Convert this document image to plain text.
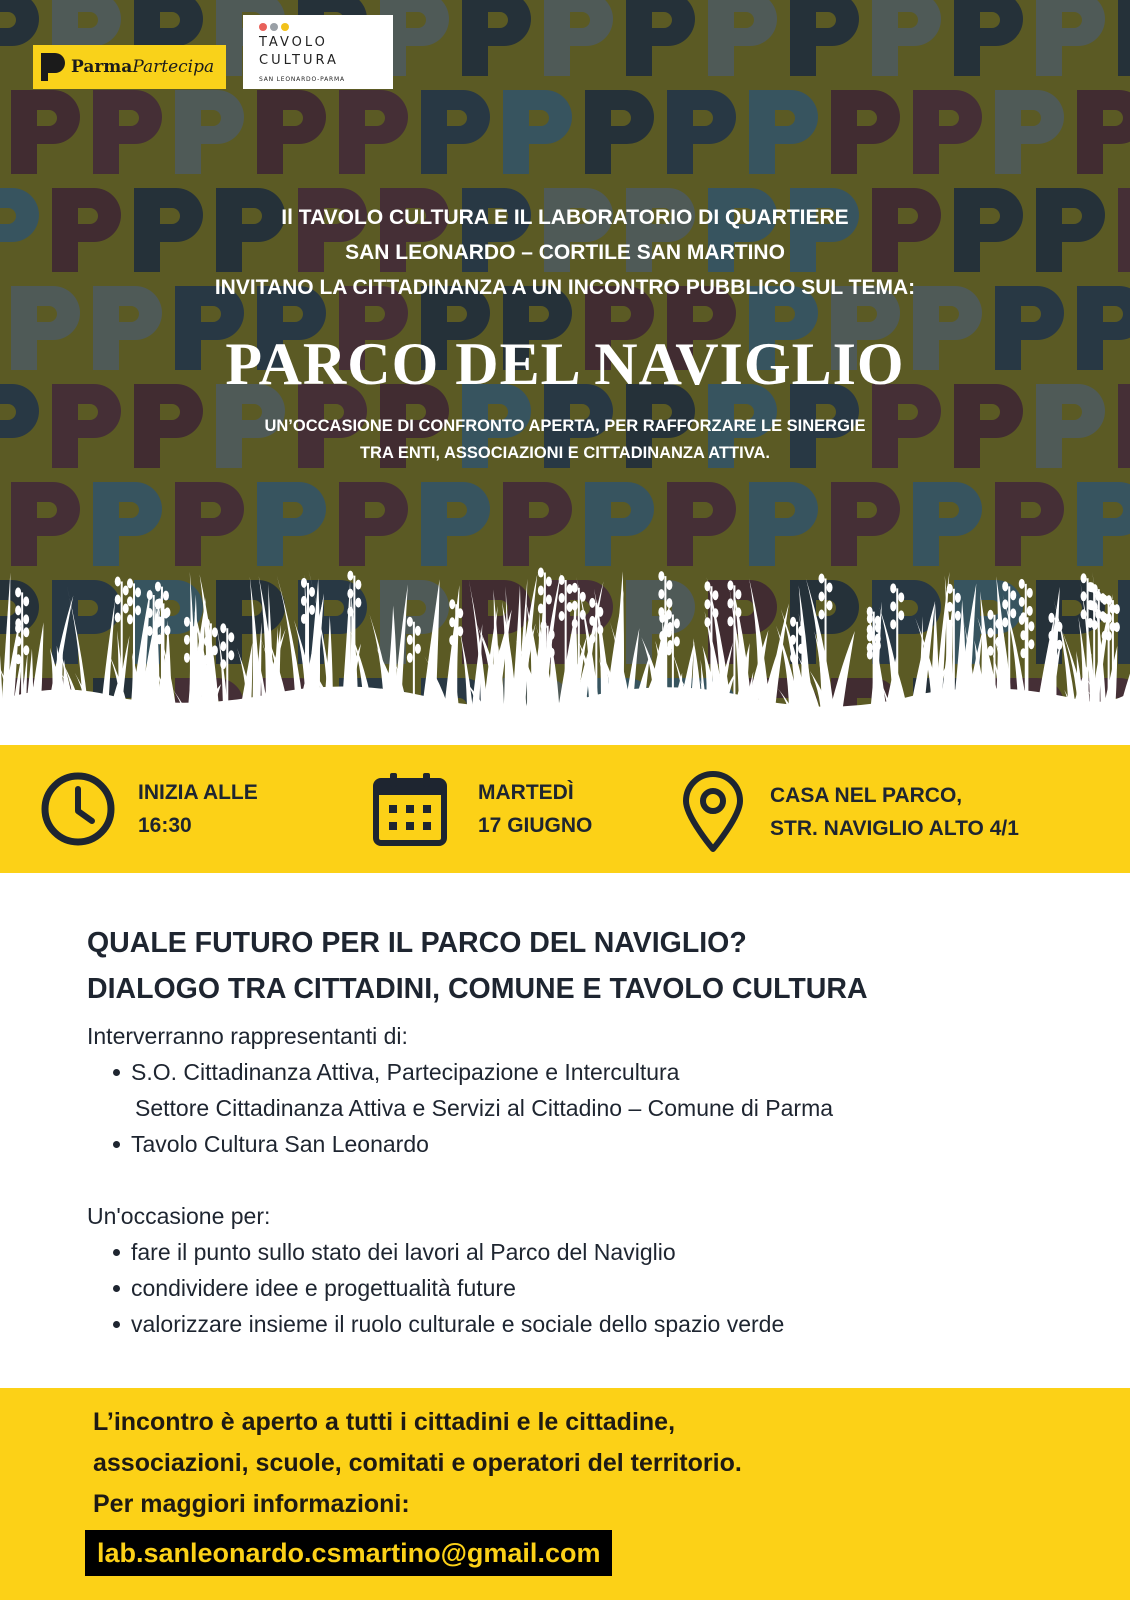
ParmaPartecipa
TAVOLO
CULTURA
SAN LEONARDO-PARMA
Il TAVOLO CULTURA E IL LABORATORIO DI QUARTIERE
SAN LEONARDO – CORTILE SAN MARTINO
INVITANO LA CITTADINANZA A UN INCONTRO PUBBLICO SUL TEMA:
PARCO DEL NAVIGLIO
UN’OCCASIONE DI CONFRONTO APERTA, PER RAFFORZARE LE SINERGIE
TRA ENTI, ASSOCIAZIONI E CITTADINANZA ATTIVA.
INIZIA ALLE
16:30
MARTEDÌ
17 GIUGNO
CASA NEL PARCO,
STR. NAVIGLIO ALTO 4/1
QUALE FUTURO PER IL PARCO DEL NAVIGLIO?
DIALOGO TRA CITTADINI, COMUNE E TAVOLO CULTURA
Interverranno rappresentanti di:
S.O. Cittadinanza Attiva, Partecipazione e Intercultura
Settore Cittadinanza Attiva e Servizi al Cittadino – Comune di Parma
Tavolo Cultura San Leonardo
Un'occasione per:
fare il punto sullo stato dei lavori al Parco del Naviglio
condividere idee e progettualità future
valorizzare insieme il ruolo culturale e sociale dello spazio verde
L’incontro è aperto a tutti i cittadini e le cittadine,
associazioni, scuole, comitati e operatori del territorio.
Per maggiori informazioni:
lab.sanleonardo.csmartino@gmail.com
